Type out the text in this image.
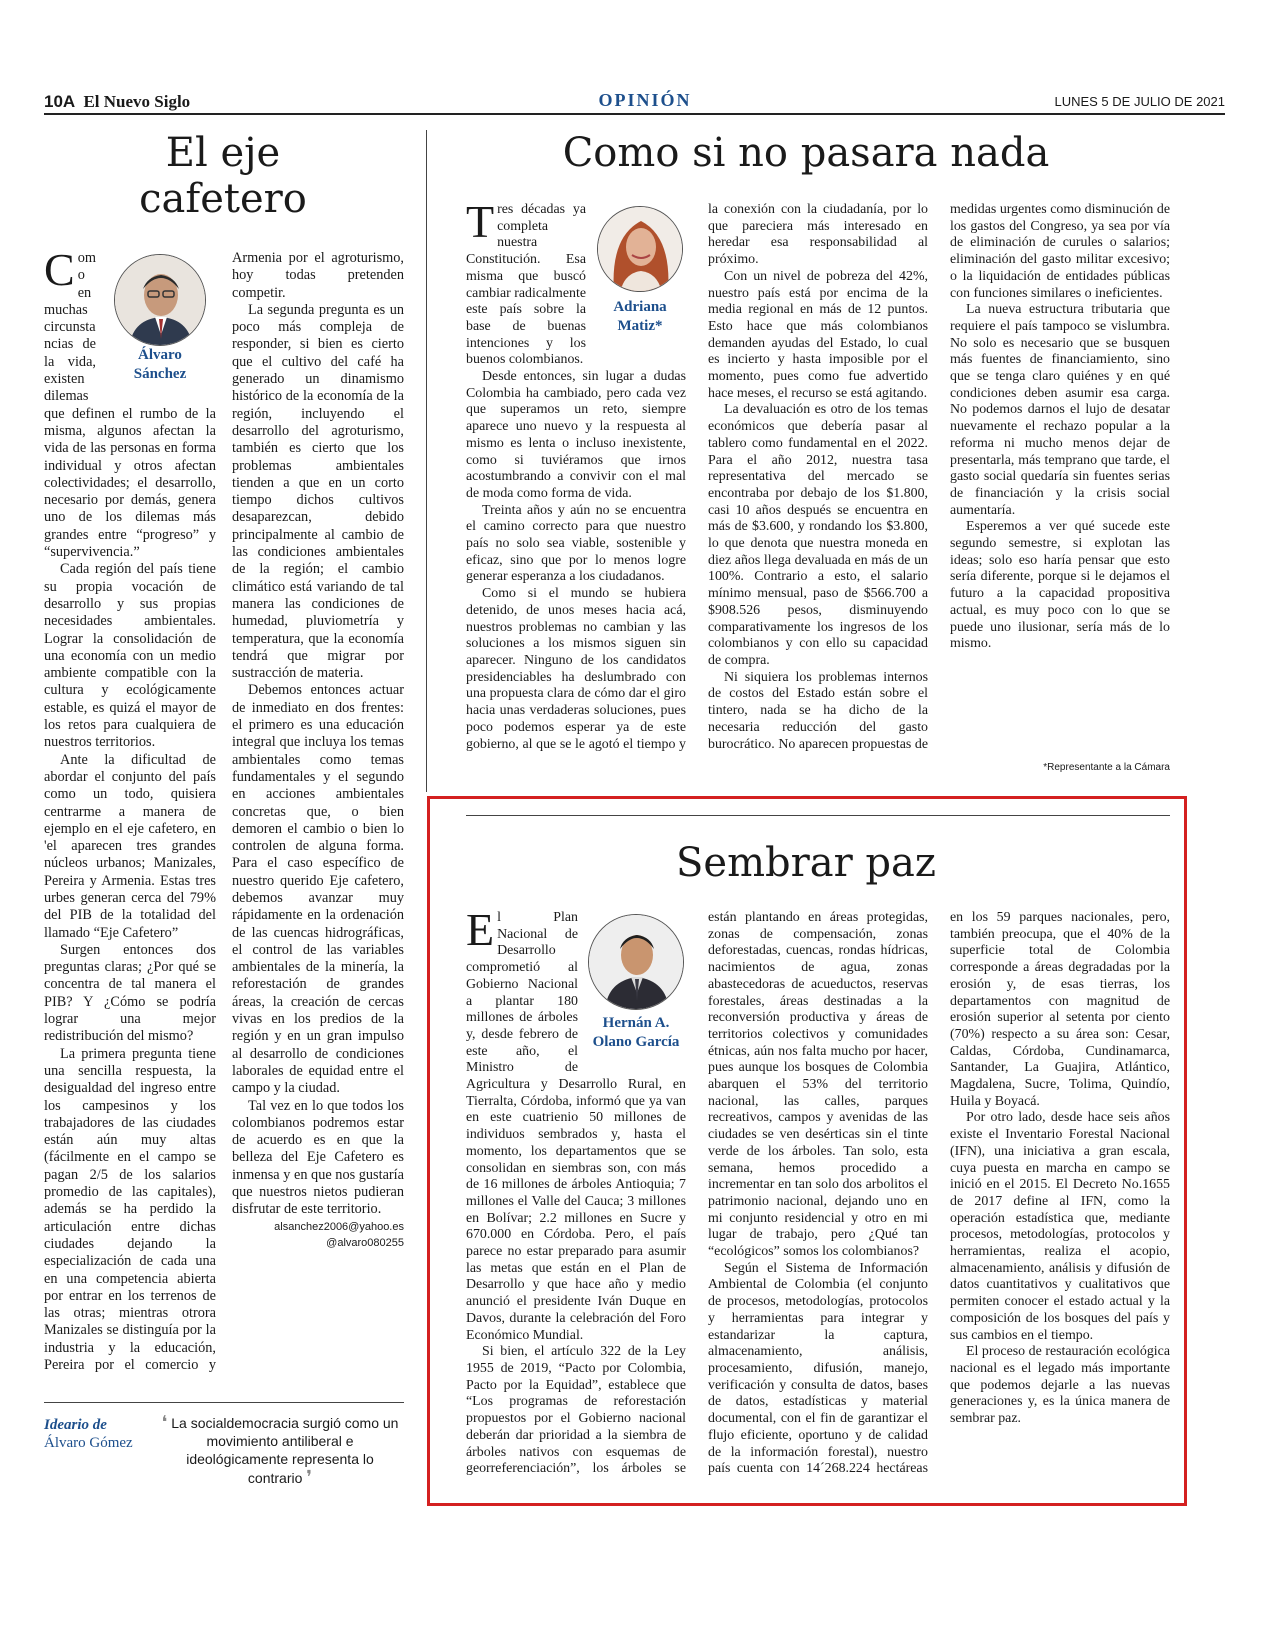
10A El Nuevo Siglo	OPINIÓN	LUNES 5 DE JULIO DE 2021
El eje
cafetero
Álvaro
Sánchez

Como en muchas circunstancias de la vida, existen dilemas que definen el rumbo de la misma, algunos afectan la vida de las personas en forma individual y otros afectan colectividades; el desarrollo, necesario por demás, genera uno de los dilemas más grandes entre “progreso” y “supervivencia.”

Cada región del país tiene su propia vocación de desarrollo y sus propias necesidades ambientales. Lograr la consolidación de una economía con un medio ambiente compatible con la cultura y ecológicamente estable, es quizá el mayor de los retos para cualquiera de nuestros territorios.

Ante la dificultad de abordar el conjunto del país como un todo, quisiera centrarme a manera de ejemplo en el eje cafetero, en 'el aparecen tres grandes núcleos urbanos; Manizales, Pereira y Armenia. Estas tres urbes generan cerca del 79% del PIB de la totalidad del llamado “Eje Cafetero”

Surgen entonces dos preguntas claras; ¿Por qué se concentra de tal manera el PIB? Y ¿Cómo se podría lograr una mejor redistribución del mismo?

La primera pregunta tiene una sencilla respuesta, la desigualdad del ingreso entre los campesinos y los trabajadores de las ciudades están aún muy altas (fácilmente en el campo se pagan 2/5 de los salarios promedio de las capitales), además se ha perdido la articulación entre dichas ciudades dejando la especialización de cada una en una competencia abierta por entrar en los terrenos de las otras; mientras otrora Manizales se distinguía por la industria y la educación, Pereira por el comercio y Armenia por el agroturismo, hoy todas pretenden competir.

La segunda pregunta es un poco más compleja de responder, si bien es cierto que el cultivo del café ha generado un dinamismo histórico de la economía de la región, incluyendo el desarrollo del agroturismo, también es cierto que los problemas ambientales tienden a que en un corto tiempo dichos cultivos desaparezcan, debido principalmente al cambio de las condiciones ambientales de la región; el cambio climático está variando de tal manera las condiciones de humedad, pluviometría y temperatura, que la economía tendrá que migrar por sustracción de materia.

Debemos entonces actuar de inmediato en dos frentes: el primero es una educación integral que incluya los temas ambientales como temas fundamentales y el segundo en acciones ambientales concretas que, o bien demoren el cambio o bien lo controlen de alguna forma. Para el caso específico de nuestro querido Eje cafetero, debemos avanzar muy rápidamente en la ordenación de las cuencas hidrográficas, el control de las variables ambientales de la minería, la reforestación de grandes áreas, la creación de cercas vivas en los predios de la región y en un gran impulso al desarrollo de condiciones laborales de equidad entre el campo y la ciudad.

Tal vez en lo que todos los colombianos podremos estar de acuerdo es en que la belleza del Eje Cafetero es inmensa y en que nos gustaría que nuestros nietos pudieran disfrutar de este territorio.

alsanchez2006@yahoo.es
@alvaro080255
Ideario de
Álvaro Gómez
❛ La socialdemocracia surgió como un movimiento antiliberal e ideológicamente representa lo contrario ❜
Como si no pasara nada
Adriana
Matiz*

Tres décadas ya completa nuestra Constitución. Esa misma que buscó cambiar radicalmente este país sobre la base de buenas intenciones y los buenos colombianos.

Desde entonces, sin lugar a dudas Colombia ha cambiado, pero cada vez que superamos un reto, siempre aparece uno nuevo y la respuesta al mismo es lenta o incluso inexistente, como si tuviéramos que irnos acostumbrando a convivir con el mal de moda como forma de vida.

Treinta años y aún no se encuentra el camino correcto para que nuestro país no solo sea viable, sostenible y eficaz, sino que por lo menos logre generar esperanza a los ciudadanos.

Como si el mundo se hubiera detenido, de unos meses hacia acá, nuestros problemas no cambian y las soluciones a los mismos siguen sin aparecer. Ninguno de los candidatos presidenciables ha deslumbrado con una propuesta clara de cómo dar el giro hacia unas verdaderas soluciones, pues poco podemos esperar ya de este gobierno, al que se le agotó el tiempo y la conexión con la ciudadanía, por lo que pareciera más interesado en heredar esa responsabilidad al próximo.

Con un nivel de pobreza del 42%, nuestro país está por encima de la media regional en más de 12 puntos. Esto hace que más colombianos demanden ayudas del Estado, lo cual es incierto y hasta imposible por el momento, pues como fue advertido hace meses, el recurso se está agitando.

La devaluación es otro de los temas económicos que debería pasar al tablero como fundamental en el 2022. Para el año 2012, nuestra tasa representativa del mercado se encontraba por debajo de los $1.800, casi 10 años después se encuentra en más de $3.600, y rondando los $3.800, lo que denota que nuestra moneda en diez años llega devaluada en más de un 100%. Contrario a esto, el salario mínimo mensual, paso de $566.700 a $908.526 pesos, disminuyendo comparativamente los ingresos de los colombianos y con ello su capacidad de compra.

Ni siquiera los problemas internos de costos del Estado están sobre el tintero, nada se ha dicho de la necesaria reducción del gasto burocrático. No aparecen propuestas de medidas urgentes como disminución de los gastos del Congreso, ya sea por vía de eliminación de curules o salarios; eliminación del gasto militar excesivo; o la liquidación de entidades públicas con funciones similares o ineficientes.

La nueva estructura tributaria que requiere el país tampoco se vislumbra. No solo es necesario que se busquen más fuentes de financiamiento, sino que se tenga claro quiénes y en qué condiciones deben asumir esa carga. No podemos darnos el lujo de desatar nuevamente el rechazo popular a la reforma ni mucho menos dejar de presentarla, más temprano que tarde, el gasto social quedaría sin fuentes serias de financiación y la crisis social aumentaría.

Esperemos a ver qué sucede este segundo semestre, si explotan las ideas; solo eso haría pensar que esto sería diferente, porque si le dejamos el futuro a la capacidad propositiva actual, es muy poco con lo que se puede uno ilusionar, sería más de lo mismo.

*Representante a la Cámara
Sembrar paz
Hernán A.
Olano García

El Plan Nacional de Desarrollo comprometió al Gobierno Nacional a plantar 180 millones de árboles y, desde febrero de este año, el Ministro de Agricultura y Desarrollo Rural, en Tierralta, Córdoba, informó que ya van en este cuatrienio 50 millones de individuos sembrados y, hasta el momento, los departamentos que se consolidan en siembras son, con más de 16 millones de árboles Antioquia; 7 millones el Valle del Cauca; 3 millones en Bolívar; 2.2 millones en Sucre y 670.000 en Córdoba. Pero, el país parece no estar preparado para asumir las metas que están en el Plan de Desarrollo y que hace año y medio anunció el presidente Iván Duque en Davos, durante la celebración del Foro Económico Mundial.

Si bien, el artículo 322 de la Ley 1955 de 2019, “Pacto por Colombia, Pacto por la Equidad”, establece que “Los programas de reforestación propuestos por el Gobierno nacional deberán dar prioridad a la siembra de árboles nativos con esquemas de georreferenciación”, los árboles se están plantando en áreas protegidas, zonas de compensación, zonas deforestadas, cuencas, rondas hídricas, nacimientos de agua, zonas abastecedoras de acueductos, reservas forestales, áreas destinadas a la reconversión productiva y áreas de territorios colectivos y comunidades étnicas, aún nos falta mucho por hacer, pues aunque los bosques de Colombia abarquen el 53% del territorio nacional, las calles, parques recreativos, campos y avenidas de las ciudades se ven desérticas sin el tinte verde de los árboles. Tan solo, esta semana, hemos procedido a incrementar en tan solo dos arbolitos el patrimonio nacional, dejando uno en mi conjunto residencial y otro en mi lugar de trabajo, pero ¿Qué tan “ecológicos” somos los colombianos?

Según el Sistema de Información Ambiental de Colombia (el conjunto de procesos, metodologías, protocolos y herramientas para integrar y estandarizar la captura, almacenamiento, análisis, procesamiento, difusión, manejo, verificación y consulta de datos, bases de datos, estadísticas y material documental, con el fin de garantizar el flujo eficiente, oportuno y de calidad de la información forestal), nuestro país cuenta con 14´268.224 hectáreas en los 59 parques nacionales, pero, también preocupa, que el 40% de la superficie total de Colombia corresponde a áreas degradadas por la erosión y, de esas tierras, los departamentos con magnitud de erosión superior al setenta por ciento (70%) respecto a su área son: Cesar, Caldas, Córdoba, Cundinamarca, Santander, La Guajira, Atlántico, Magdalena, Sucre, Tolima, Quindío, Huila y Boyacá.

Por otro lado, desde hace seis años existe el Inventario Forestal Nacional (IFN), una iniciativa a gran escala, cuya puesta en marcha en campo se inició en el 2015. El Decreto No.1655 de 2017 define al IFN, como la operación estadística que, mediante procesos, metodologías, protocolos y herramientas, realiza el acopio, almacenamiento, análisis y difusión de datos cuantitativos y cualitativos que permiten conocer el estado actual y la composición de los bosques del país y sus cambios en el tiempo.

El proceso de restauración ecológica nacional es el legado más importante que podemos dejarle a las nuevas generaciones y, es la única manera de sembrar paz.
